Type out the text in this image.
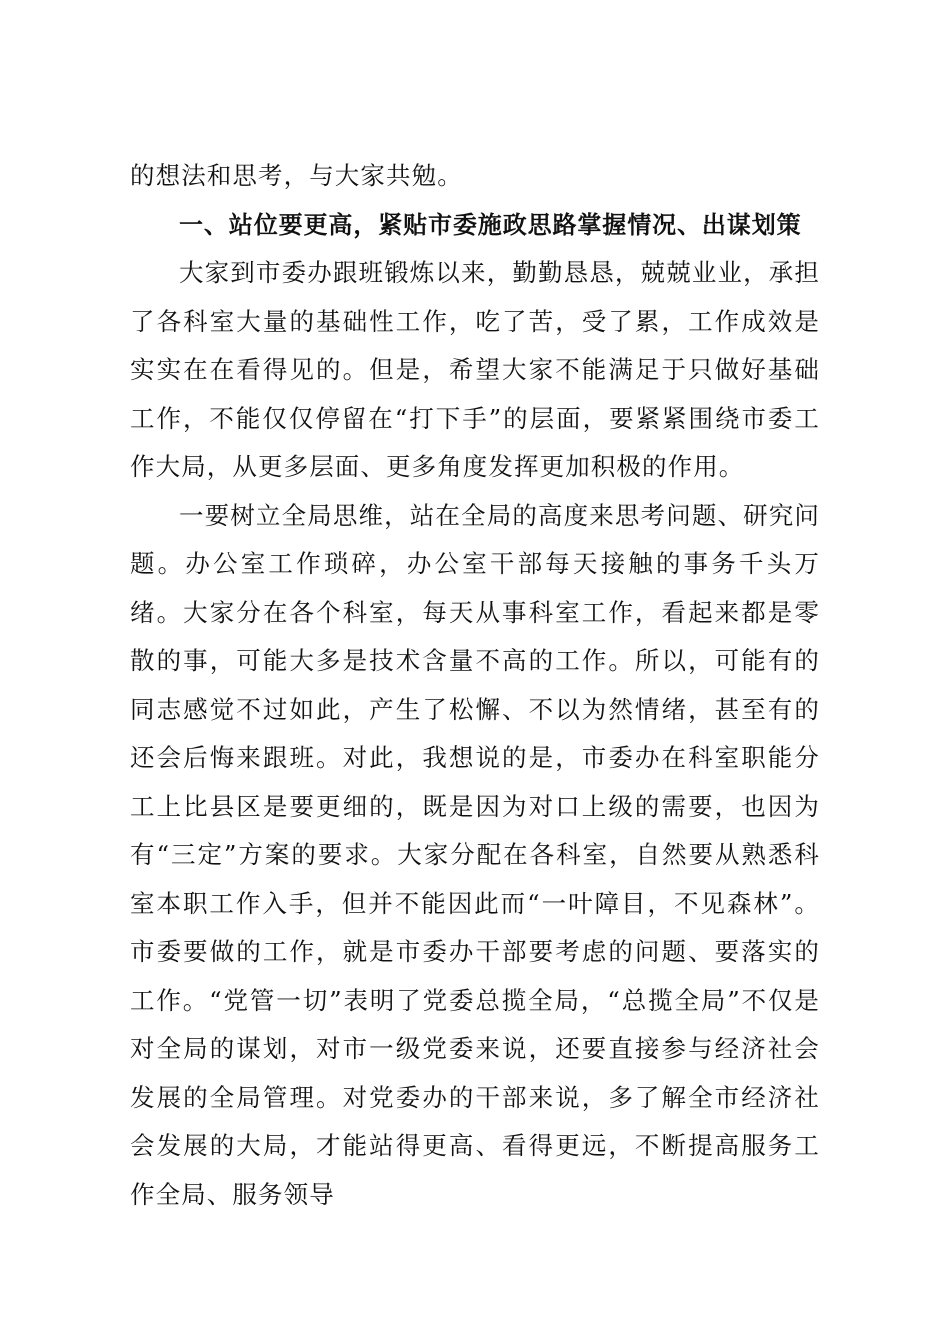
的想法和思考，与大家共勉。

一、站位要更高，紧贴市委施政思路掌握情况、出谋划策

大家到市委办跟班锻炼以来，勤勤恳恳，兢兢业业，承担了各科室大量的基础性工作，吃了苦，受了累，工作成效是实实在在看得见的。但是，希望大家不能满足于只做好基础工作，不能仅仅停留在“打下手”的层面，要紧紧围绕市委工作大局，从更多层面、更多角度发挥更加积极的作用。

一要树立全局思维，站在全局的高度来思考问题、研究问题。办公室工作琐碎，办公室干部每天接触的事务千头万绪。大家分在各个科室，每天从事科室工作，看起来都是零散的事，可能大多是技术含量不高的工作。所以，可能有的同志感觉不过如此，产生了松懈、不以为然情绪，甚至有的还会后悔来跟班。对此，我想说的是，市委办在科室职能分工上比县区是要更细的，既是因为对口上级的需要，也因为有“三定”方案的要求。大家分配在各科室，自然要从熟悉科室本职工作入手，但并不能因此而“一叶障目，不见森林”。市委要做的工作，就是市委办干部要考虑的问题、要落实的工作。“党管一切”表明了党委总揽全局，“总揽全局”不仅是对全局的谋划，对市一级党委来说，还要直接参与经济社会发展的全局管理。对党委办的干部来说，多了解全市经济社会发展的大局，才能站得更高、看得更远，不断提高服务工作全局、服务领导
